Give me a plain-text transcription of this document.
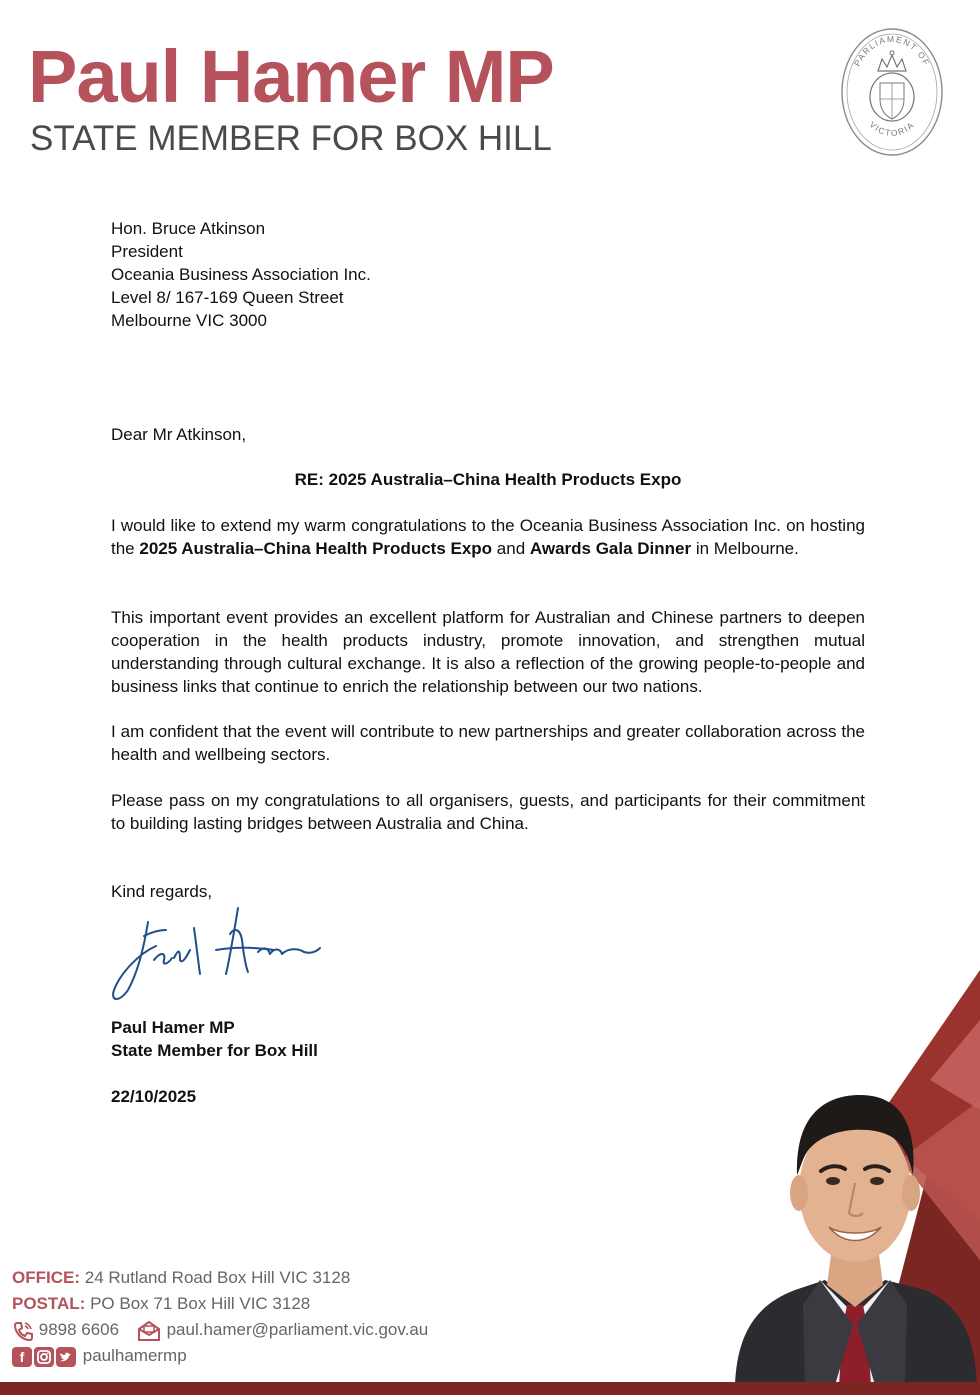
Paul Hamer MP
STATE MEMBER FOR BOX HILL
PARLIAMENT OF
VICTORIA
Hon. Bruce Atkinson
President
Oceania Business Association Inc.
Level 8/ 167-169 Queen Street
Melbourne VIC 3000
Dear Mr Atkinson,
RE: 2025 Australia–China Health Products Expo

I would like to extend my warm congratulations to the Oceania Business Association Inc. on hosting the 2025 Australia–China Health Products Expo and Awards Gala Dinner in Melbourne.

This important event provides an excellent platform for Australian and Chinese partners to deepen cooperation in the health products industry, promote innovation, and strengthen mutual understanding through cultural exchange. It is also a reflection of the growing people-to-people and business links that continue to enrich the relationship between our two nations.

I am confident that the event will contribute to new partnerships and greater collaboration across the health and wellbeing sectors.

Please pass on my congratulations to all organisers, guests, and participants for their commitment to building lasting bridges between Australia and China.

Kind regards,
Paul Hamer MP
State Member for Box Hill
22/10/2025
OFFICE: 24 Rutland Road Box Hill VIC 3128
POSTAL: PO Box 71 Box Hill VIC 3128
9898 6606	paul.hamer@parliament.vic.gov.au
f	paulhamermp
